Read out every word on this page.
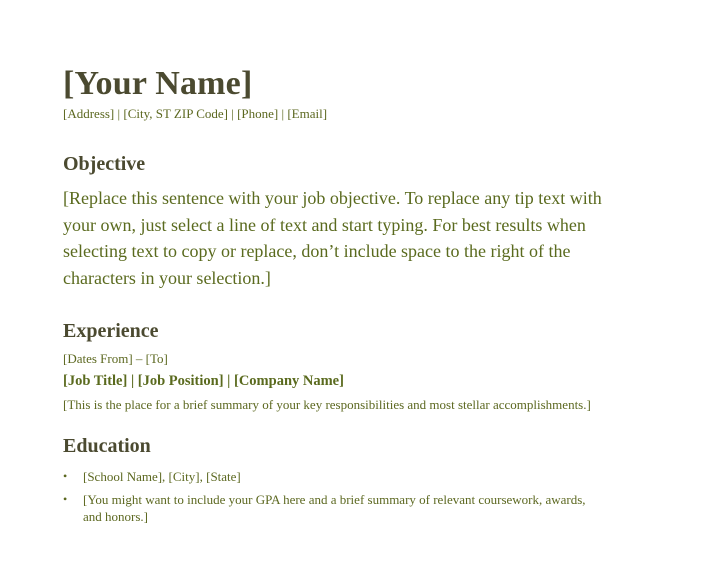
[Your Name]
[Address] | [City, ST ZIP Code] | [Phone] | [Email]
Objective
[Replace this sentence with your job objective. To replace any tip text with your own, just select a line of text and start typing. For best results when selecting text to copy or replace, don’t include space to the right of the characters in your selection.]
Experience
[Dates From] – [To]
[Job Title] | [Job Position] | [Company Name]
[This is the place for a brief summary of your key responsibilities and most stellar accomplishments.]
Education
• [School Name], [City], [State]
• [You might want to include your GPA here and a brief summary of relevant coursework, awards, and honors.]
